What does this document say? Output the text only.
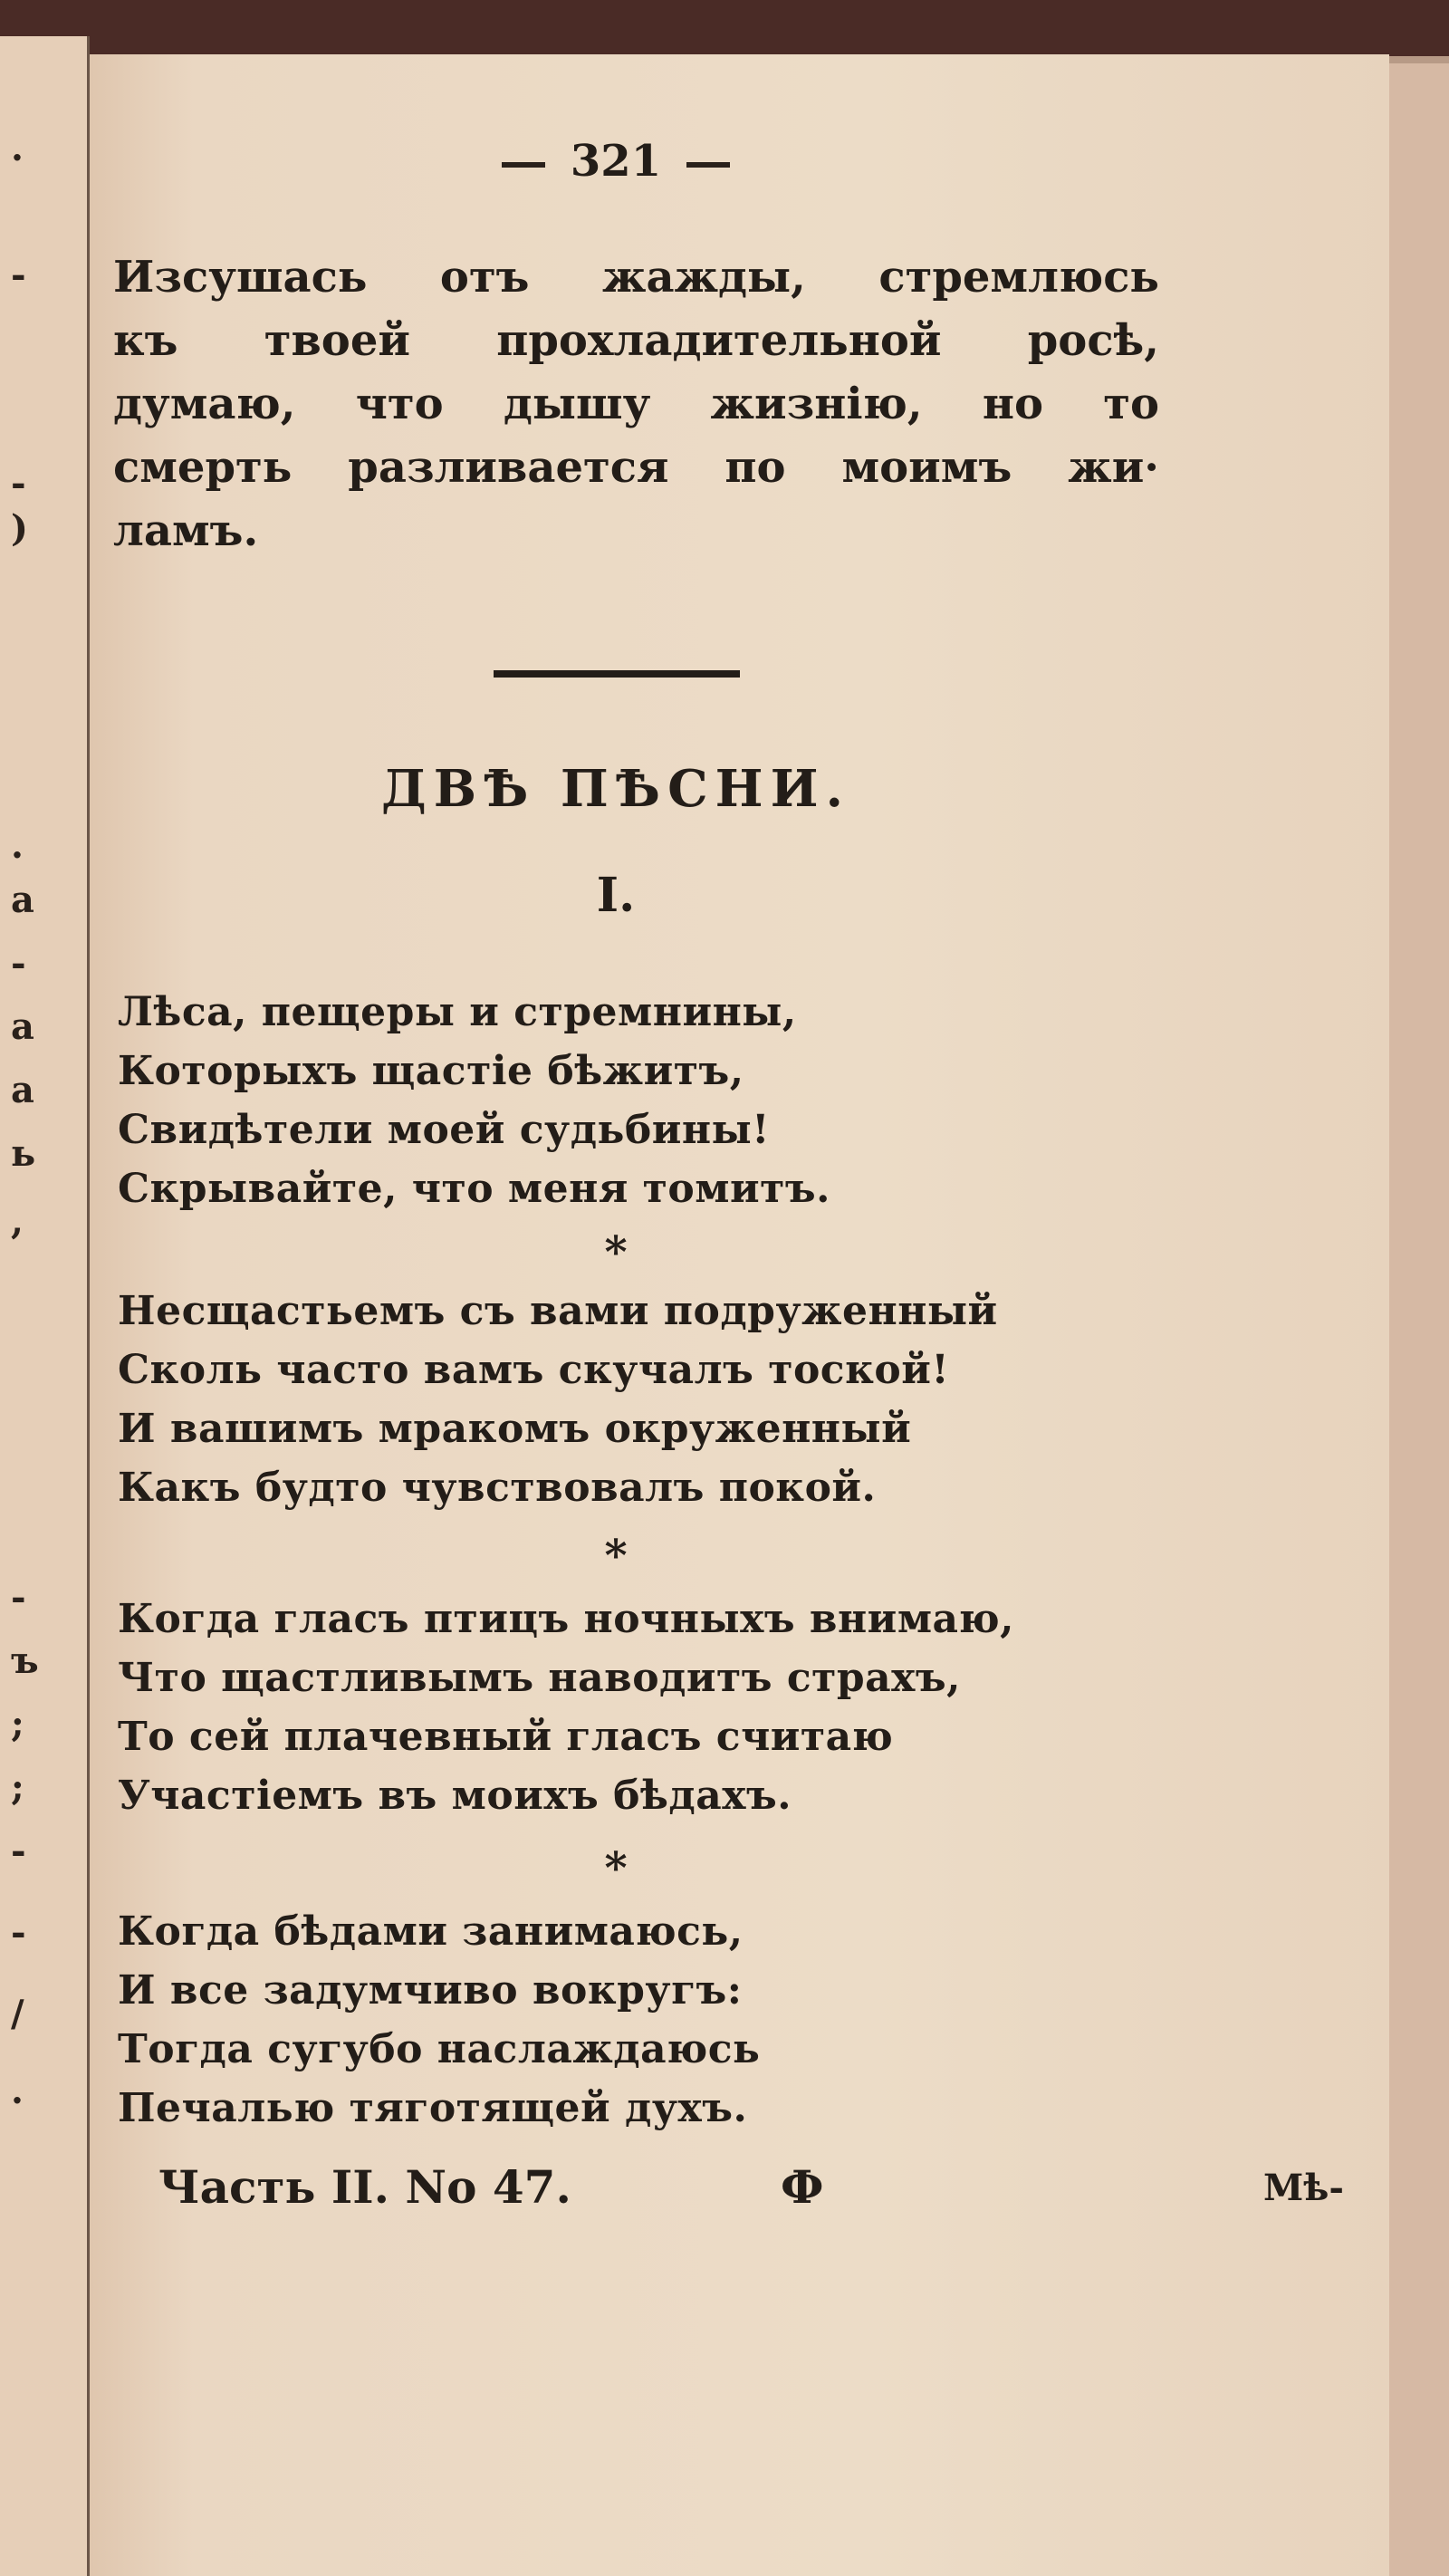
.
-
-
)
.
a
-
a
a
ь
,
-
ъ
;
;
-
-
/
.
321
Изсушась отъ жажды, стремлюсь
къ твоей прохладительной росѣ,
думаю, что дышу жизнію, но то
смерть разливается по моимъ жи·
ламъ.
ДВѢ ПѢСНИ.
I.
Лѣса, пещеры и стремнины,
Которыхъ щастіе бѣжитъ,
Свидѣтели моей судьбины!
Скрывайте, что меня томитъ.
*
Несщастьемъ съ вами подруженный
Сколь часто вамъ скучалъ тоской!
И вашимъ мракомъ окруженный
Какъ будто чувствовалъ покой.
*
Когда гласъ птицъ ночныхъ внимаю,
Что щастливымъ наводитъ страхъ,
То сей плачевный гласъ считаю
Участіемъ въ моихъ бѣдахъ.
*
Когда бѣдами занимаюсь,
И все задумчиво вокругъ:
Тогда сугубо наслаждаюсь
Печалью тяготящей духъ.
Часть II. No 47.	Ф	Мѣ-
